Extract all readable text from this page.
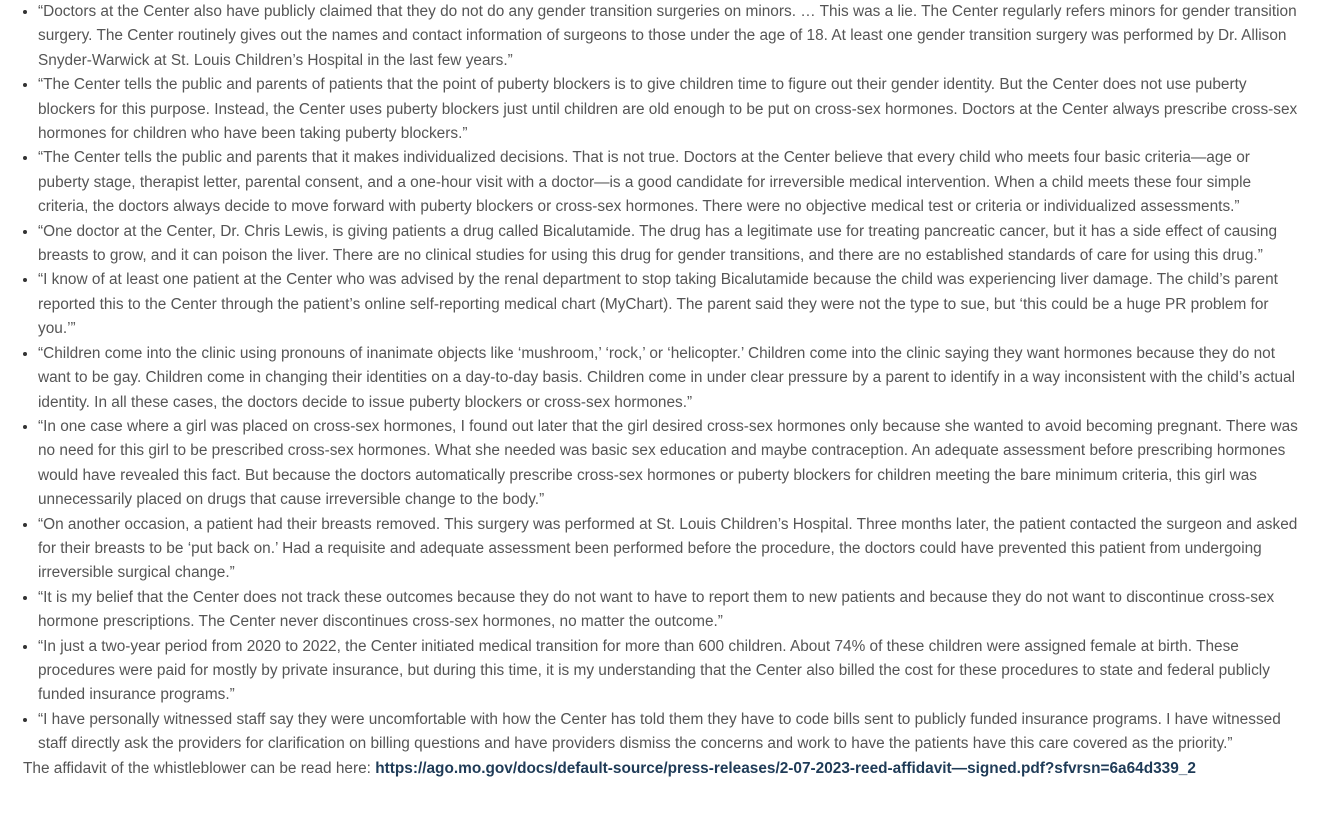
• “Doctors at the Center also have publicly claimed that they do not do any gender transition surgeries on minors. … This was a lie. The Center regularly refers minors for gender transition surgery. The Center routinely gives out the names and contact information of surgeons to those under the age of 18. At least one gender transition surgery was performed by Dr. Allison Snyder-Warwick at St. Louis Children’s Hospital in the last few years.”
• “The Center tells the public and parents of patients that the point of puberty blockers is to give children time to figure out their gender identity. But the Center does not use puberty blockers for this purpose. Instead, the Center uses puberty blockers just until children are old enough to be put on cross-sex hormones. Doctors at the Center always prescribe cross-sex hormones for children who have been taking puberty blockers.”
• “The Center tells the public and parents that it makes individualized decisions. That is not true. Doctors at the Center believe that every child who meets four basic criteria—age or puberty stage, therapist letter, parental consent, and a one-hour visit with a doctor—is a good candidate for irreversible medical intervention. When a child meets these four simple criteria, the doctors always decide to move forward with puberty blockers or cross-sex hormones. There were no objective medical test or criteria or individualized assessments.”
• “One doctor at the Center, Dr. Chris Lewis, is giving patients a drug called Bicalutamide. The drug has a legitimate use for treating pancreatic cancer, but it has a side effect of causing breasts to grow, and it can poison the liver. There are no clinical studies for using this drug for gender transitions, and there are no established standards of care for using this drug.”
• “I know of at least one patient at the Center who was advised by the renal department to stop taking Bicalutamide because the child was experiencing liver damage. The child’s parent reported this to the Center through the patient’s online self-reporting medical chart (MyChart). The parent said they were not the type to sue, but ‘this could be a huge PR problem for you.’”
• “Children come into the clinic using pronouns of inanimate objects like ‘mushroom,’ ‘rock,’ or ‘helicopter.’ Children come into the clinic saying they want hormones because they do not want to be gay. Children come in changing their identities on a day-to-day basis. Children come in under clear pressure by a parent to identify in a way inconsistent with the child’s actual identity. In all these cases, the doctors decide to issue puberty blockers or cross-sex hormones.”
• “In one case where a girl was placed on cross-sex hormones, I found out later that the girl desired cross-sex hormones only because she wanted to avoid becoming pregnant. There was no need for this girl to be prescribed cross-sex hormones. What she needed was basic sex education and maybe contraception. An adequate assessment before prescribing hormones would have revealed this fact. But because the doctors automatically prescribe cross-sex hormones or puberty blockers for children meeting the bare minimum criteria, this girl was unnecessarily placed on drugs that cause irreversible change to the body.”
• “On another occasion, a patient had their breasts removed. This surgery was performed at St. Louis Children’s Hospital. Three months later, the patient contacted the surgeon and asked for their breasts to be ‘put back on.’ Had a requisite and adequate assessment been performed before the procedure, the doctors could have prevented this patient from undergoing irreversible surgical change.”
• “It is my belief that the Center does not track these outcomes because they do not want to have to report them to new patients and because they do not want to discontinue cross-sex hormone prescriptions. The Center never discontinues cross-sex hormones, no matter the outcome.”
• “In just a two-year period from 2020 to 2022, the Center initiated medical transition for more than 600 children. About 74% of these children were assigned female at birth. These procedures were paid for mostly by private insurance, but during this time, it is my understanding that the Center also billed the cost for these procedures to state and federal publicly funded insurance programs.”
• “I have personally witnessed staff say they were uncomfortable with how the Center has told them they have to code bills sent to publicly funded insurance programs. I have witnessed staff directly ask the providers for clarification on billing questions and have providers dismiss the concerns and work to have the patients have this care covered as the priority.”

The affidavit of the whistleblower can be read here: https://ago.mo.gov/docs/default-source/press-releases/2-07-2023-reed-affidavit—signed.pdf?sfvrsn=6a64d339_2
